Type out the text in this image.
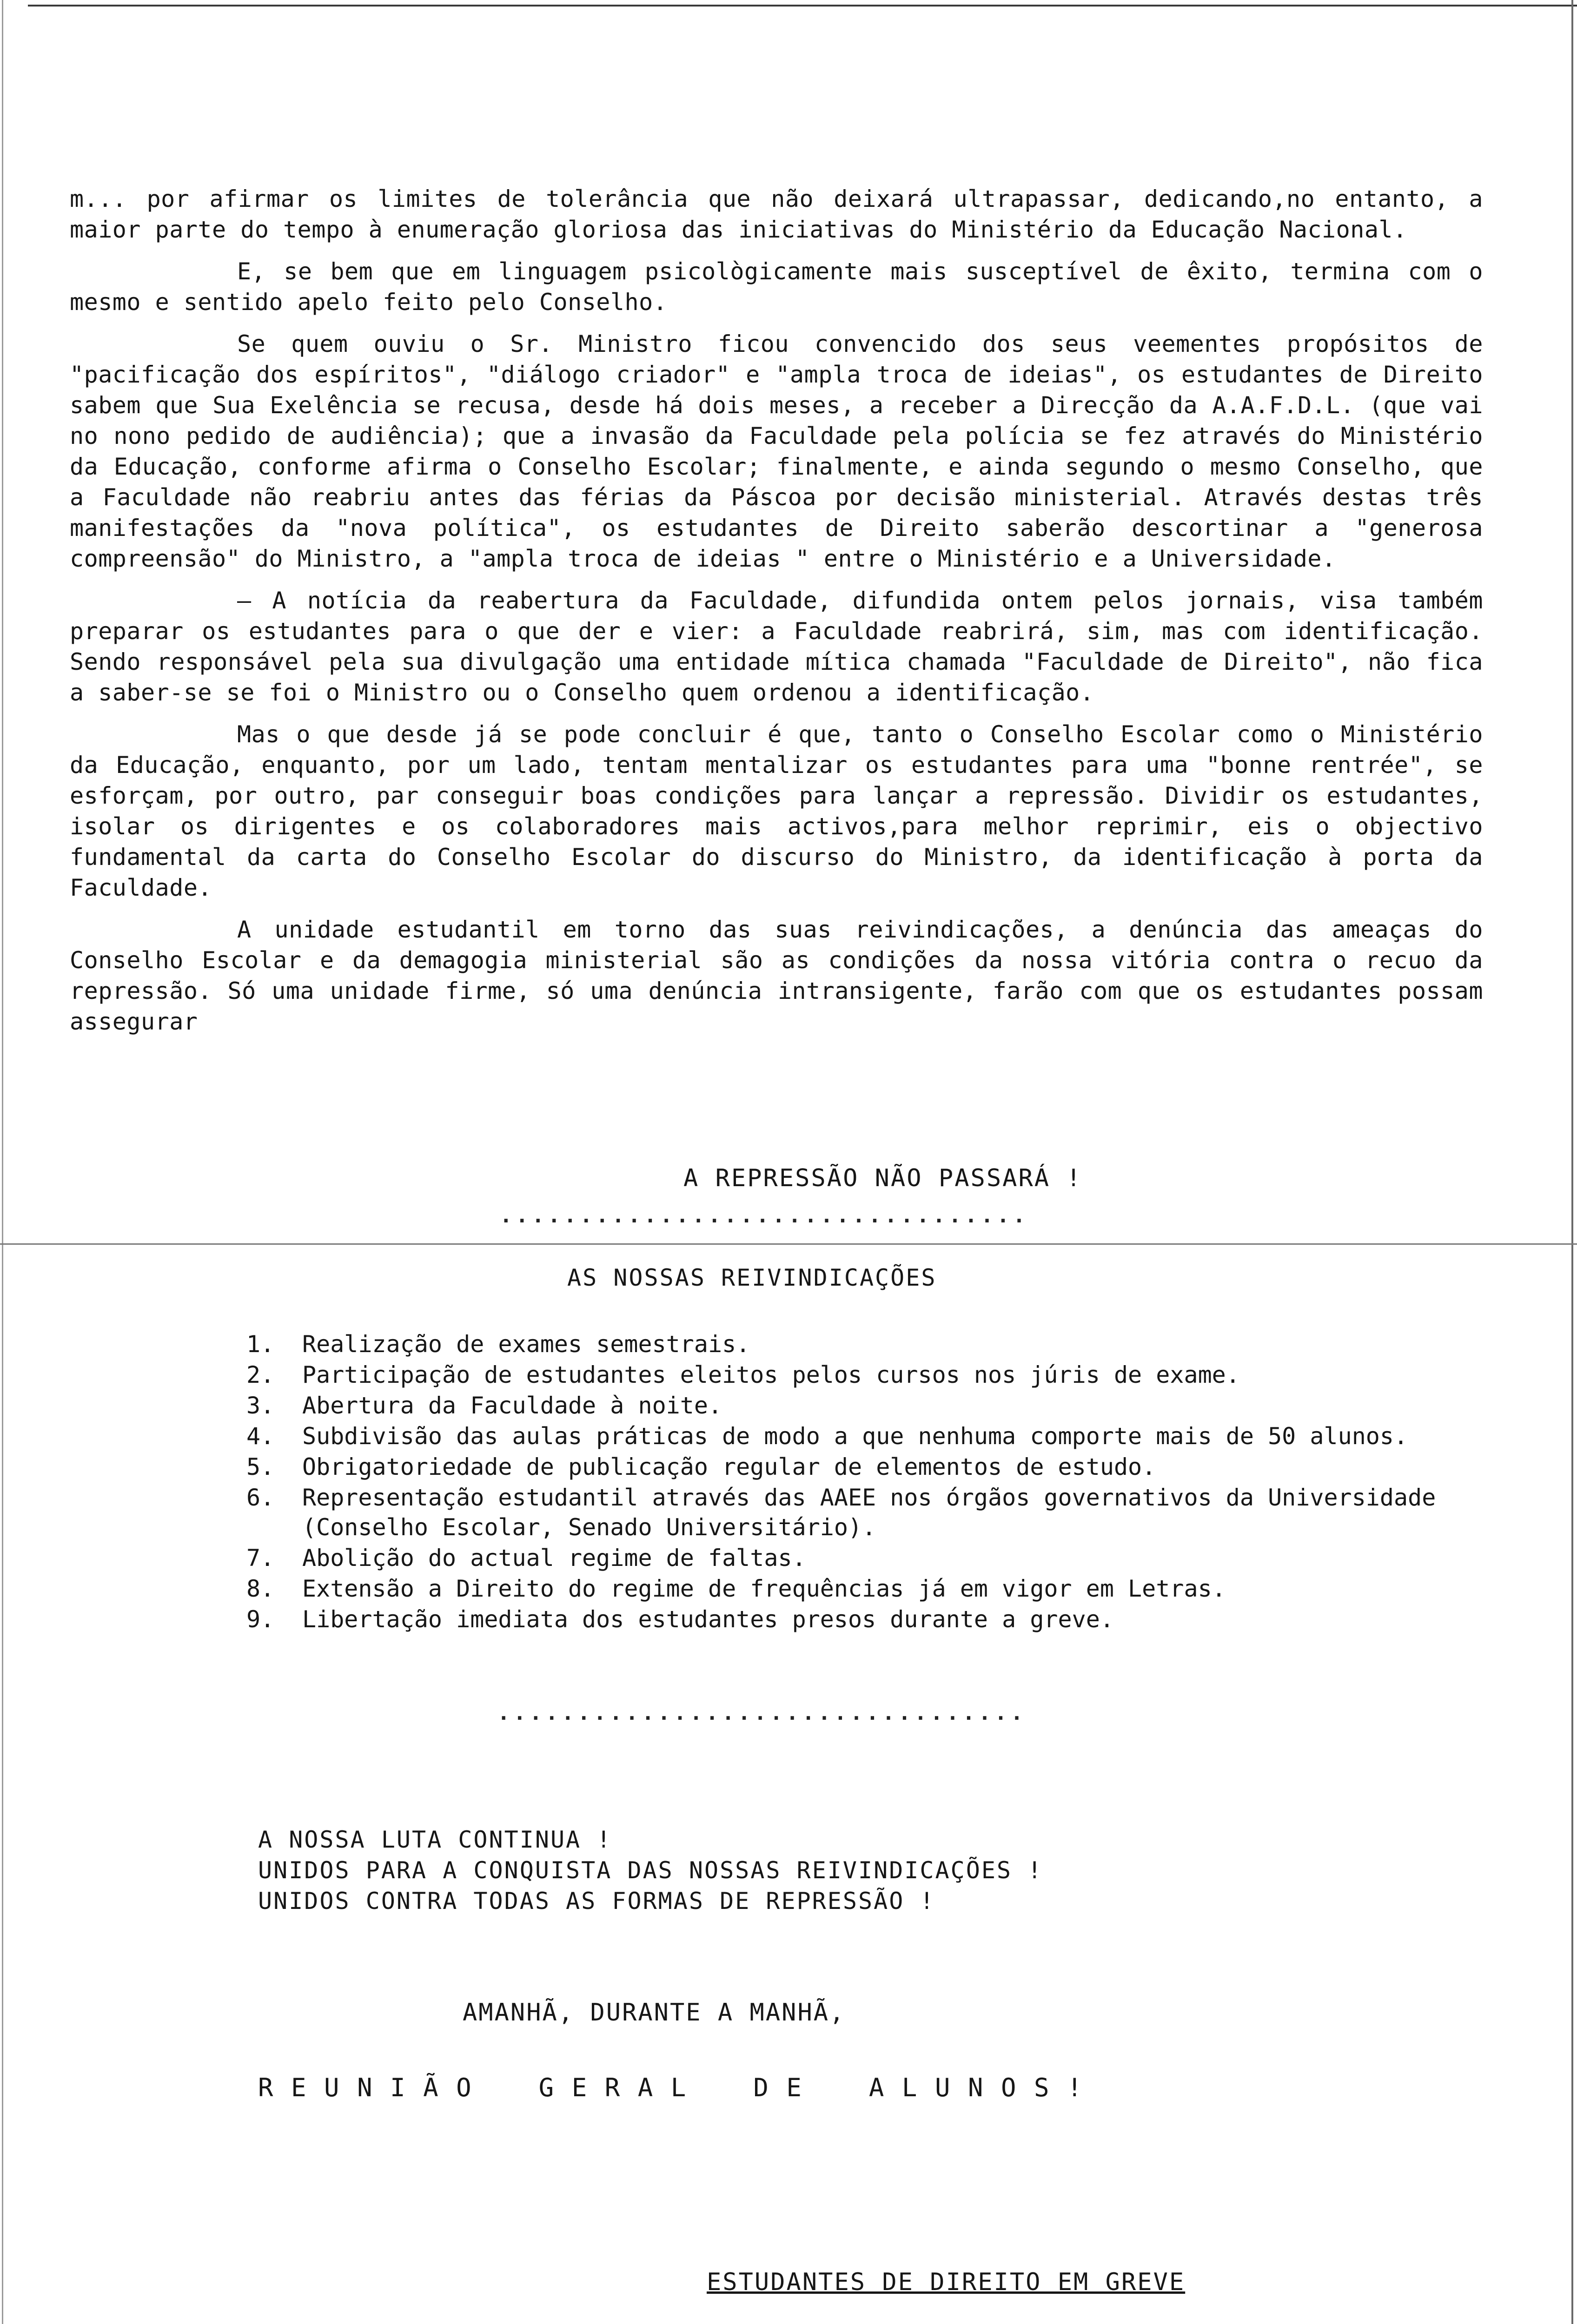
m... por afirmar os limites de tolerância que não deixará ultrapassar, dedicando,no entanto, a maior parte do tempo à enumeração gloriosa das iniciativas do Ministério da Educação Nacional.

E, se bem que em linguagem psicològicamente mais susceptível de êxito, termina com o mesmo e sentido apelo feito pelo Conselho.

Se quem ouviu o Sr. Ministro ficou convencido dos seus veementes propósitos de "pacificação dos espíritos", "diálogo criador" e "ampla troca de ideias", os estudantes de Direito sabem que Sua Exelência se recusa, desde há dois meses, a receber a Direcção da A.A.F.D.L. (que vai no nono pedido de audiência); que a invasão da Faculdade pela polícia se fez através do Ministério da Educação, conforme afirma o Conselho Escolar; finalmente, e ainda segundo o mesmo Conselho, que a Faculdade não reabriu antes das férias da Páscoa por decisão ministerial. Através destas três manifestações da "nova política", os estudantes de Direito saberão descortinar a "generosa compreensão" do Ministro, a "ampla troca de ideias " entre o Ministério e a Universidade.

— A notícia da reabertura da Faculdade, difundida ontem pelos jornais, visa também preparar os estudantes para o que der e vier: a Faculdade reabrirá, sim, mas com identificação. Sendo responsável pela sua divulgação uma entidade mítica chamada "Faculdade de Direito", não fica a saber-se se foi o Ministro ou o Conselho quem ordenou a identificação.

Mas o que desde já se pode concluir é que, tanto o Conselho Escolar como o Ministério da Educação, enquanto, por um lado, tentam mentalizar os estudantes para uma "bonne rentrée", se esforçam, por outro, par conseguir boas condições para lançar a repressão. Dividir os estudantes, isolar os dirigentes e os colaboradores mais activos,para melhor reprimir, eis o objectivo fundamental da carta do Conselho Escolar do discurso do Ministro, da identificação à porta da Faculdade.

A unidade estudantil em torno das suas reivindicações, a denúncia das ameaças do Conselho Escolar e da demagogia ministerial são as condições da nossa vitória contra o recuo da repressão. Só uma unidade firme, só uma denúncia intransigente, farão com que os estudantes possam assegurar

A REPRESSÃO NÃO PASSARÁ !
.................................
AS NOSSAS REIVINDICAÇÕES
1.	Realização de exames semestrais.
2.	Participação de estudantes eleitos pelos cursos nos júris de exame.
3.	Abertura da Faculdade à noite.
4.	Subdivisão das aulas práticas de modo a que nenhuma comporte mais de 50 alunos.
5.	Obrigatoriedade de publicação regular de elementos de estudo.
6.	Representação estudantil através das AAEE nos órgãos governativos da Universidade (Conselho Escolar, Senado Universitário).
7.	Abolição do actual regime de faltas.
8.	Extensão a Direito do regime de frequências já em vigor em Letras.
9.	Libertação imediata dos estudantes presos durante a greve.
.................................
A NOSSA LUTA CONTINUA !
UNIDOS PARA A CONQUISTA DAS NOSSAS REIVINDICAÇÕES !
UNIDOS CONTRA TODAS AS FORMAS DE REPRESSÃO !
AMANHÃ, DURANTE A MANHÃ,
R E U N I Ã O    G E R A L    D E    A L U N O S !
ESTUDANTES DE DIREITO EM GREVE
